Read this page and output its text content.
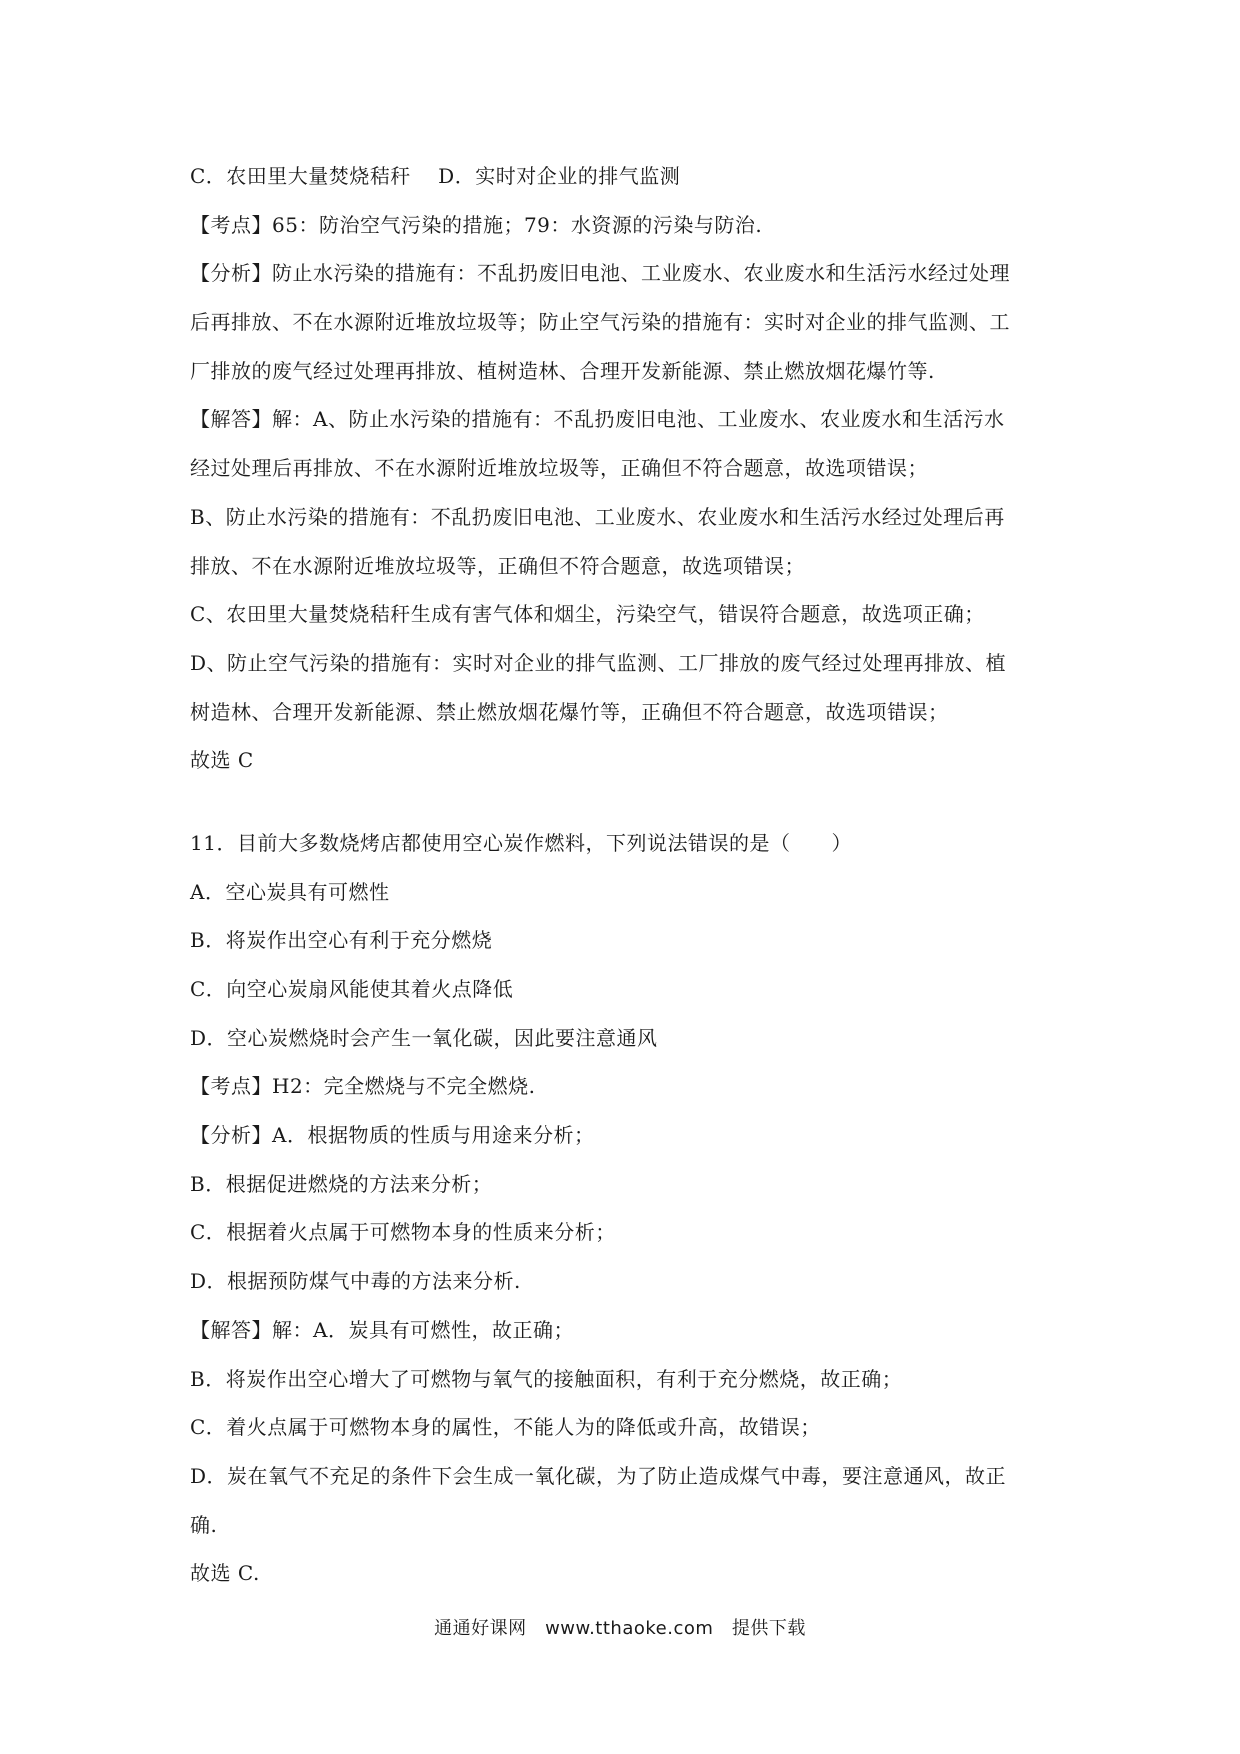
C．农田里大量焚烧秸秆　 D．实时对企业的排气监测
【考点】65：防治空气污染的措施；79：水资源的污染与防治.
【分析】防止水污染的措施有：不乱扔废旧电池、工业废水、农业废水和生活污水经过处理
后再排放、不在水源附近堆放垃圾等；防止空气污染的措施有：实时对企业的排气监测、工
厂排放的废气经过处理再排放、植树造林、合理开发新能源、禁止燃放烟花爆竹等.
【解答】解：A、防止水污染的措施有：不乱扔废旧电池、工业废水、农业废水和生活污水
经过处理后再排放、不在水源附近堆放垃圾等，正确但不符合题意，故选项错误；
B、防止水污染的措施有：不乱扔废旧电池、工业废水、农业废水和生活污水经过处理后再
排放、不在水源附近堆放垃圾等，正确但不符合题意，故选项错误；
C、农田里大量焚烧秸秆生成有害气体和烟尘，污染空气，错误符合题意，故选项正确；
D、防止空气污染的措施有：实时对企业的排气监测、工厂排放的废气经过处理再排放、植
树造林、合理开发新能源、禁止燃放烟花爆竹等，正确但不符合题意，故选项错误；
故选 C
11．目前大多数烧烤店都使用空心炭作燃料，下列说法错误的是（　　）
A．空心炭具有可燃性
B．将炭作出空心有利于充分燃烧
C．向空心炭扇风能使其着火点降低
D．空心炭燃烧时会产生一氧化碳，因此要注意通风
【考点】H2：完全燃烧与不完全燃烧.
【分析】A．根据物质的性质与用途来分析；
B．根据促进燃烧的方法来分析；
C．根据着火点属于可燃物本身的性质来分析；
D．根据预防煤气中毒的方法来分析.
【解答】解：A．炭具有可燃性，故正确；
B．将炭作出空心增大了可燃物与氧气的接触面积，有利于充分燃烧，故正确；
C．着火点属于可燃物本身的属性，不能人为的降低或升高，故错误；
D．炭在氧气不充足的条件下会生成一氧化碳，为了防止造成煤气中毒，要注意通风，故正
确.
故选 C.
通通好课网　www.tthaoke.com　提供下载
